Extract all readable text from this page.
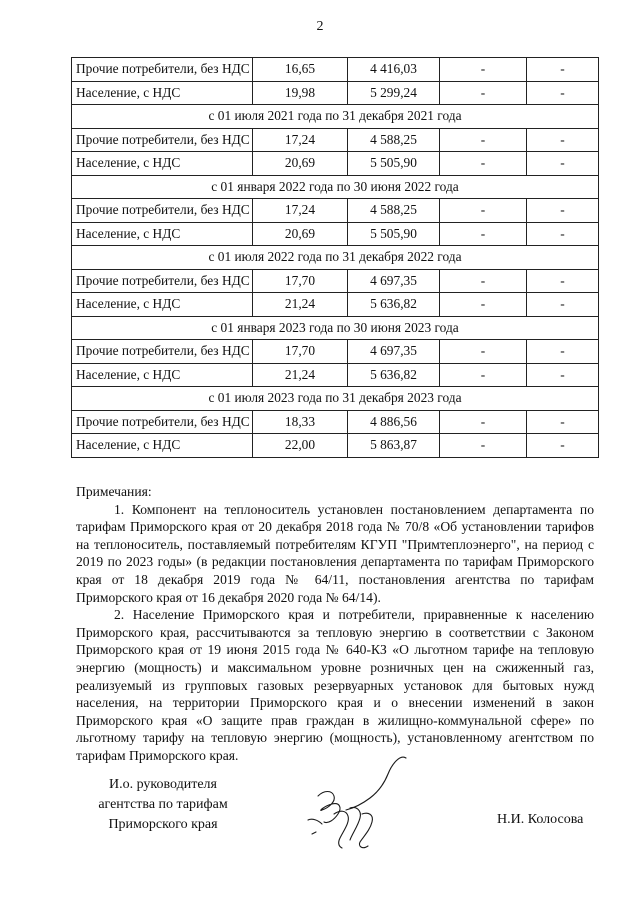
2
Прочие потребители, без НДС	16,65	4 416,03	-	-
Население, с НДС	19,98	5 299,24	-	-
с 01 июля 2021 года по 31 декабря 2021 года				
Прочие потребители, без НДС	17,24	4 588,25	-	-
Население, с НДС	20,69	5 505,90	-	-
с 01 января 2022 года по 30 июня 2022 года				
Прочие потребители, без НДС	17,24	4 588,25	-	-
Население, с НДС	20,69	5 505,90	-	-
с 01 июля 2022 года по 31 декабря 2022 года				
Прочие потребители, без НДС	17,70	4 697,35	-	-
Население, с НДС	21,24	5 636,82	-	-
с 01 января 2023 года по 30 июня 2023 года				
Прочие потребители, без НДС	17,70	4 697,35	-	-
Население, с НДС	21,24	5 636,82	-	-
с 01 июля 2023 года по 31 декабря 2023 года				
Прочие потребители, без НДС	18,33	4 886,56	-	-
Население, с НДС	22,00	5 863,87	-	-

Примечания:

1. Компонент на теплоноситель установлен постановлением департамента по тарифам Приморского края от 20 декабря 2018 года № 70/8 «Об установлении тарифов на теплоноситель, поставляемый потребителям КГУП "Примтеплоэнерго", на период с 2019 по 2023 годы» (в редакции постановления департамента по тарифам Приморского края от 18 декабря 2019 года № 64/11, постановления агентства по тарифам Приморского края от 16 декабря 2020 года № 64/14).

2. Население Приморского края и потребители, приравненные к населению Приморского края, рассчитываются за тепловую энергию в соответствии с Законом Приморского края от 19 июня 2015 года № 640-КЗ «О льготном тарифе на тепловую энергию (мощность) и максимальном уровне розничных цен на сжиженный газ, реализуемый из групповых газовых резервуарных установок для бытовых нужд населения, на территории Приморского края и о внесении изменений в закон Приморского края «О защите прав граждан в жилищно-коммунальной сфере» по льготному тарифу на тепловую энергию (мощность), установленному агентством по тарифам Приморского края.

И.о. руководителя
агентства по тарифам
Приморского края	Н.И. Колосова
